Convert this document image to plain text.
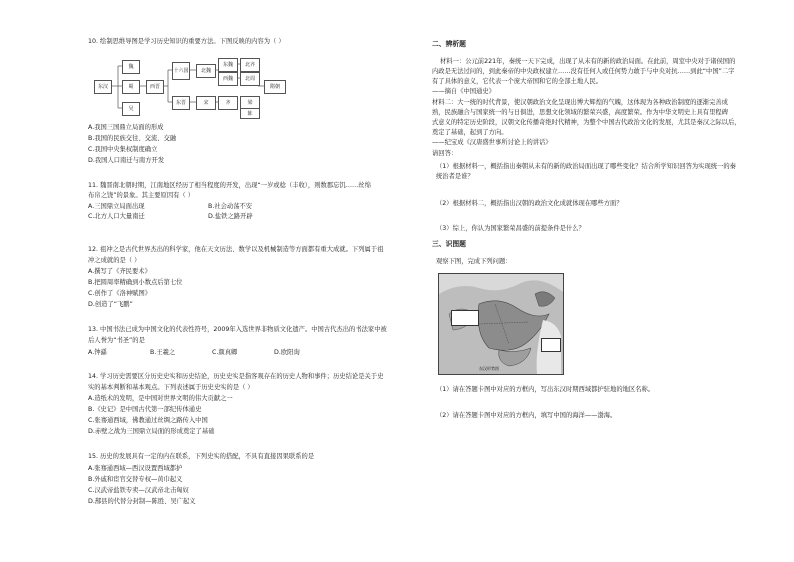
10. 绘制思维导图是学习历史知识的重要方法。下图反映的内容为（ ）
东汉
魏
蜀
吴
西晋
十六国
东晋
北魏
东魏	北齐
北周
西魏
宋	齐	梁
陈
隋朝
A.我国三国鼎立局面的形成
B.我国的民族交往、交流、交融
C.我国中央集权制度确立
D.我国人口南迁与南方开发
11. 魏晋南北朝时期，江南地区经历了相当程度的开发，出现“一岁或稔（丰收），则数郡忘饥……丝绵
布帛之饶”的景象。其主要原因有（ ）
A.三国鼎立局面出现	B.社会动荡不安
C.北方人口大量南迁	D.盐铁之路开辟
12. 祖冲之是古代世界杰出的科学家，他在天文历法、数学以及机械制造等方面都有重大成就。下列属于祖
冲之成就的是（ ）
A.撰写了《齐民要术》
B.把圆周率精确到小数点后第七位
C.创作了《洛神赋图》
D.创造了“飞鹏”
13. 中国书法已成为中国文化的代表性符号，2009年入选世界非物质文化遗产。中国古代杰出的书法家中被
后人誉为“书圣”的是
A.钟繇	B.王羲之	C.颜真卿	D.欧阳询
14. 学习历史需要区分历史史实和历史结论，历史史实是指客观存在的历史人物和事件；历史结论是关于史
实的基本判断和基本观点。下列表述属于历史史实的是（ ）
A.造纸术的发明，是中国对世界文明的伟大贡献之一
B.《史记》是中国古代第一部纪传体通史
C.张骞通西域，佛教通过丝绸之路传入中国
D.赤壁之战为三国鼎立局面的形成奠定了基础
15. 历史的发展具有一定的内在联系，下列史实的搭配，不具有直接因果联系的是
A.张骞通西域—西汉设置西域都护
B.外戚和宦官交替专权—黄巾起义
C.汉武帝盐铁专卖—汉武帝北击匈奴
D.鄯县的代替分封制—陈胜、吴广起义
二、辨析题
材料一：公元前221年，秦统一天下完成，出现了从未有的新的政治局面。在此前，周室中央对于诸侯国的
内政是无法过问的，到此秦帝的中央政权建立……没有任何人或任何势力敢于与中央对抗……到此“中国”二字
有了具体的意义，它代表一个庞大帝国和它的全部土地人民。
——摘自《中国通史》
材料二：大一统的时代背景，使汉朝政治文化呈现出博大辉煌的气魄，这体现为各种政治制度的逐渐完善成
熟，民族融合与国家统一的与日俱进，思想文化领域的繁荣兴盛，高度繁荣。作为中华文明史上具有里程碑
式意义的特定历史阶段，汉朝文化传播奇绝时代精神，为整个中国古代政治文化的发展，尤其是秦汉之际以后，
奠定了基础，起到了方向。
——纪宝成《汉唐盛世事所讨论上的讲话》
请回答：
（1）根据材料一，概括指出秦朝从未有的新的政治局面出现了哪些变化？结合所学知识回答为实现统一的秦
统治者是谁？
（2）根据材料二，概括指出汉朝的政治文化成就体现在哪些方面？
（3）综上，你认为国家繁荣昌盛的前提条件是什么？
三、识图题
观察下图，完成下列问题：
东汉形势图
（1）请在答题卡图中对应的方框内，写出东汉时期西域都护驻地的地区名称。
（2）请在答题卡图中对应的方框内，填写中国的海洋——渤海。
